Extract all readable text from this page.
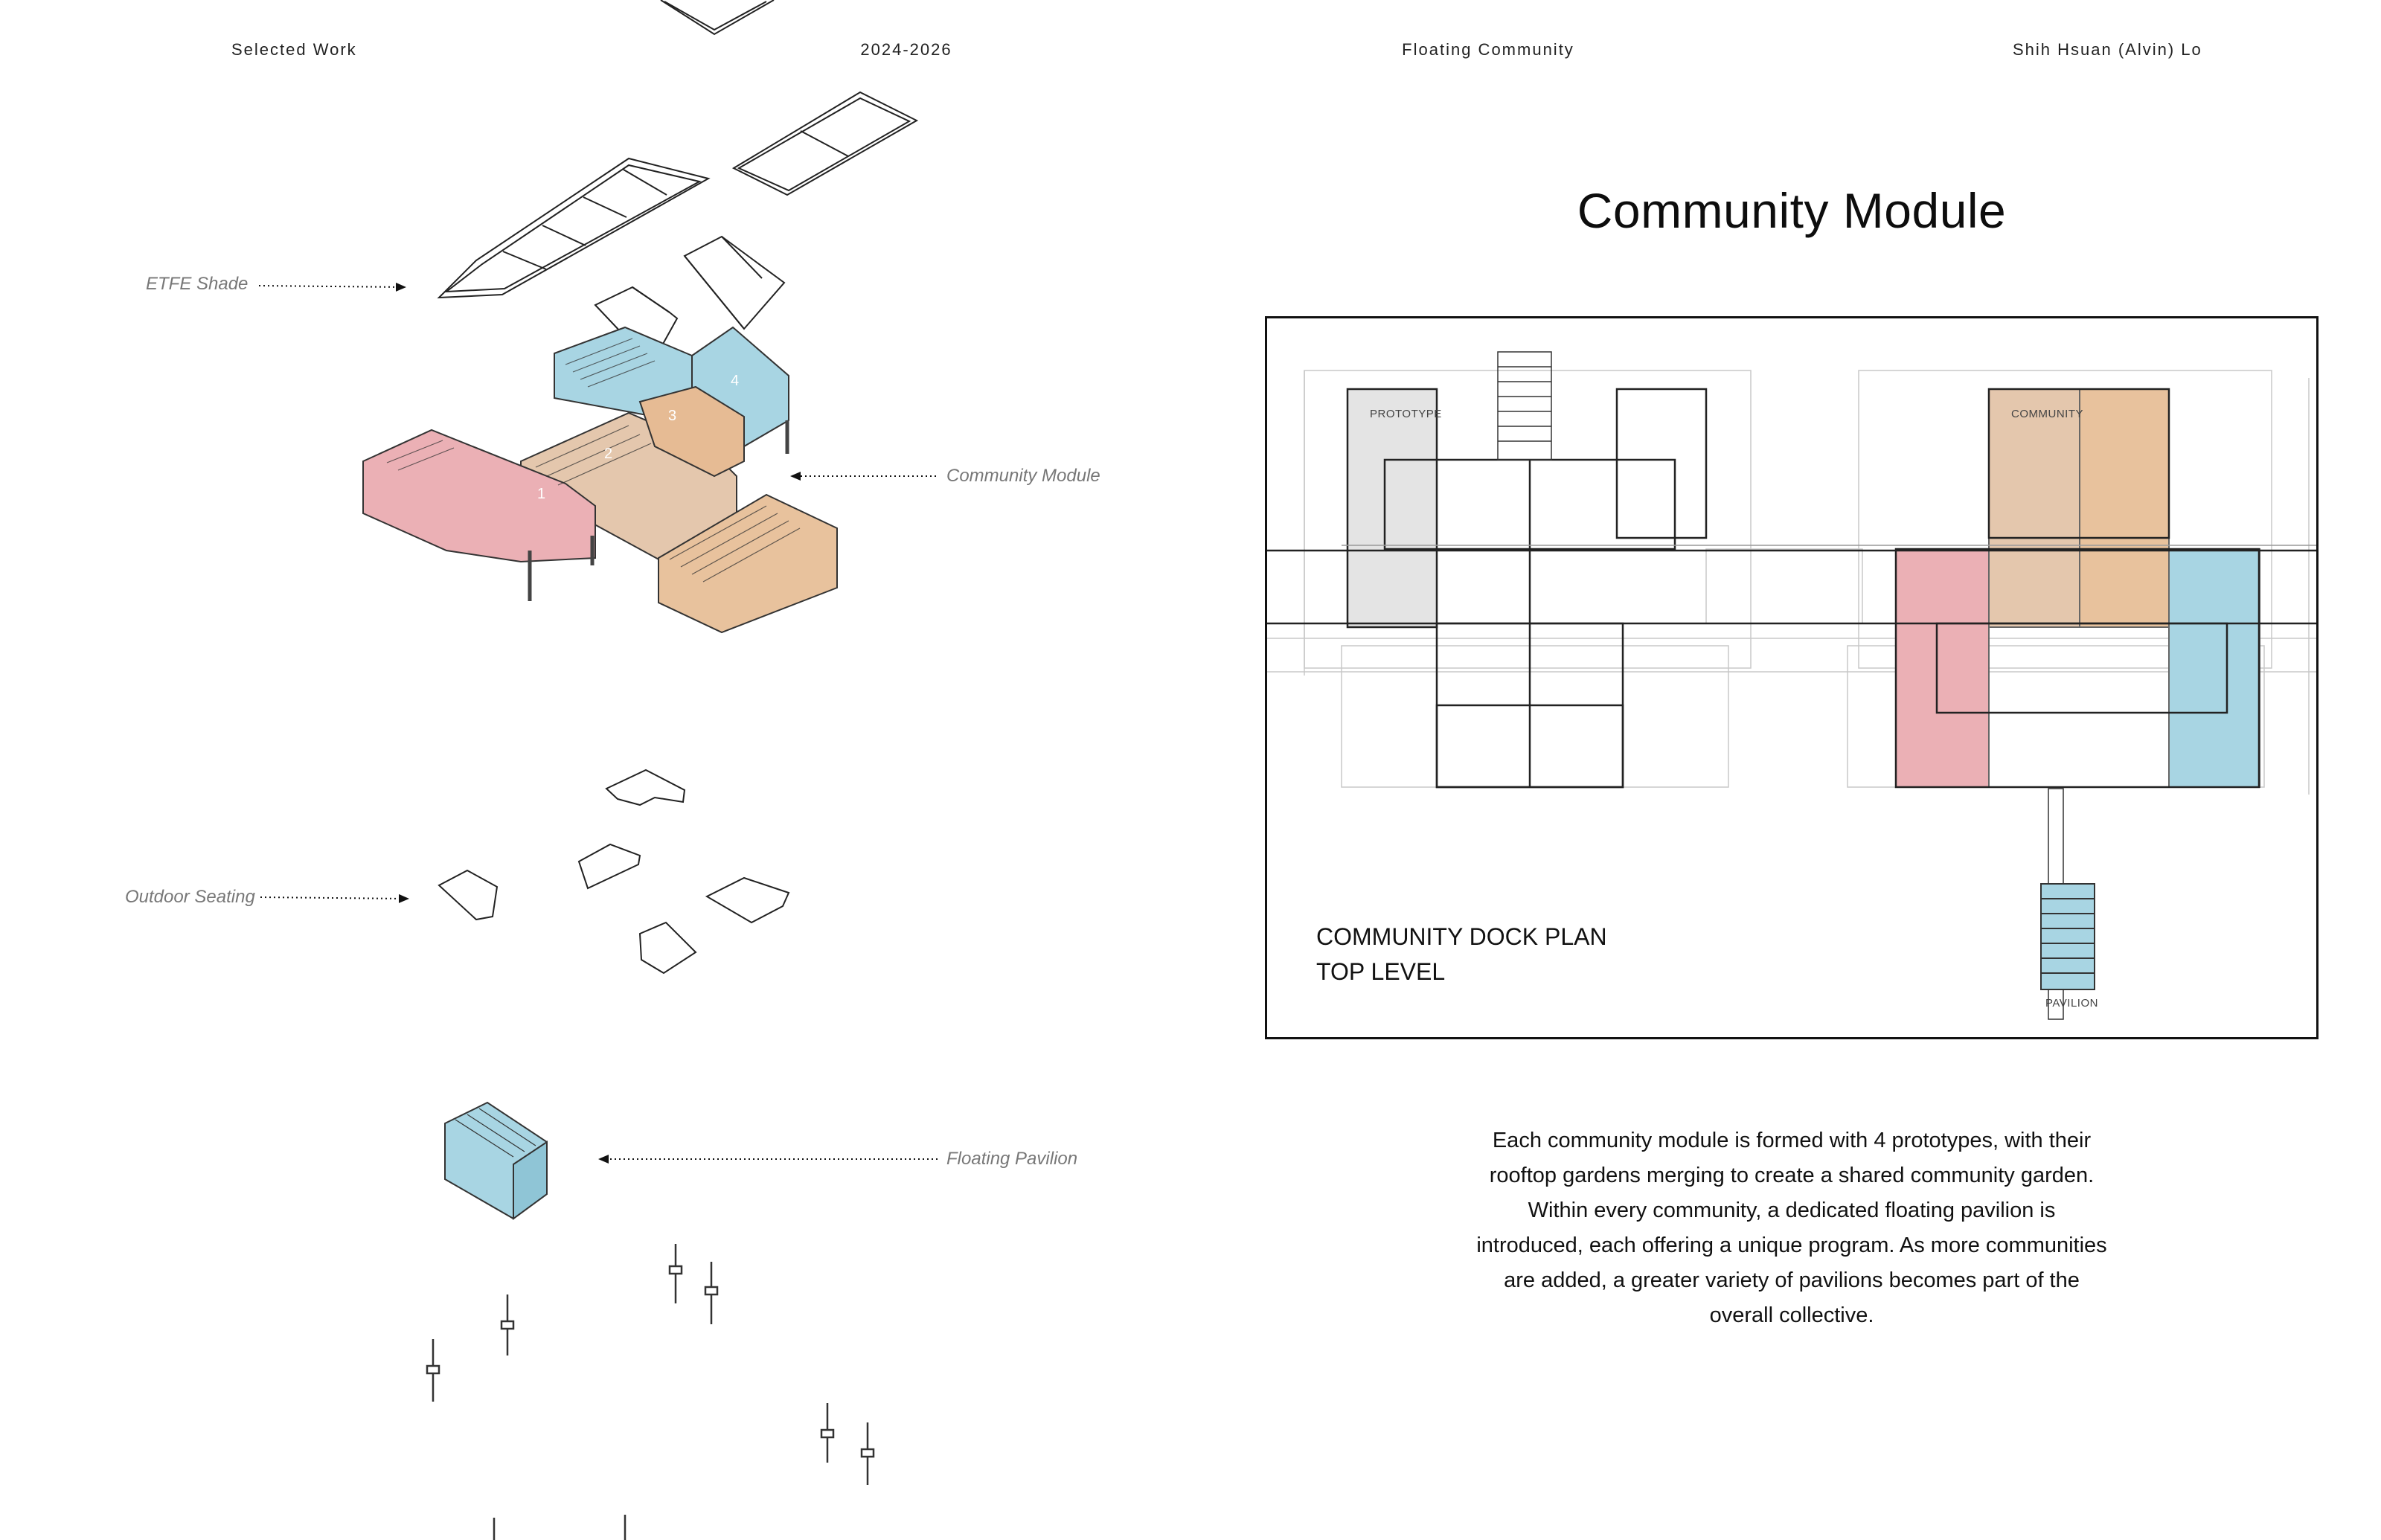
Selected Work	2024-2026	Floating Community	Shih Hsuan (Alvin) Lo
1
2
3
4
ETFE Shade
Community Module
Outdoor Seating
Floating Pavilion
Community Module
PROTOTYPE	COMMUNITY
PAVILION
COMMUNITY DOCK PLAN
TOP LEVEL
Each community module is formed with 4 prototypes, with their rooftop gardens merging to create a shared community garden. Within every community, a dedicated floating pavilion is introduced, each offering a unique program. As more communities are added, a greater variety of pavilions becomes part of the overall collective.
